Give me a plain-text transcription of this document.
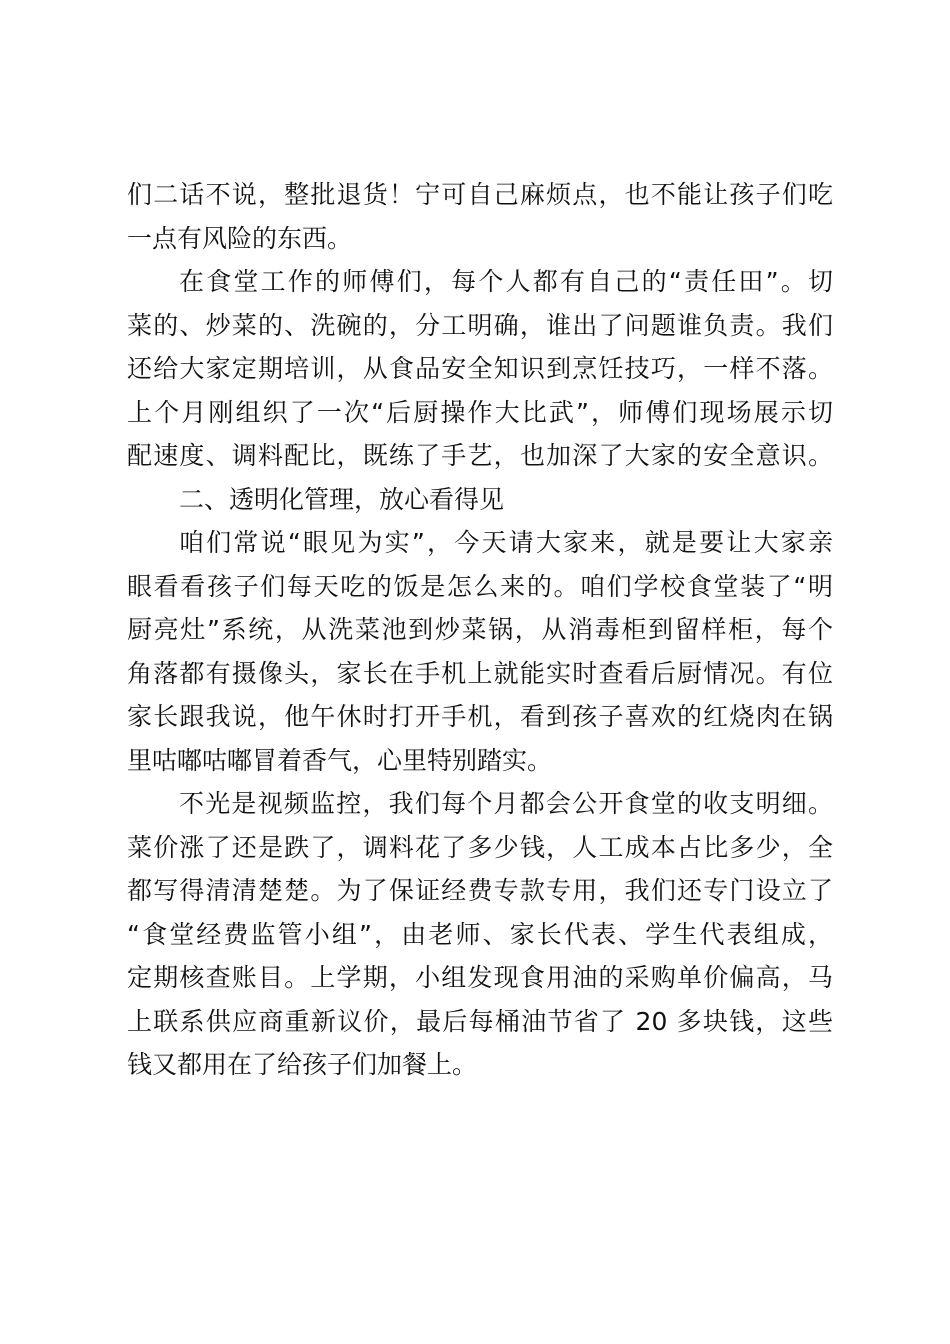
们二话不说，整批退货！宁可自己麻烦点，也不能让孩子们吃
一点有风险的东西。
在食堂工作的师傅们，每个人都有自己的“责任田”。切
菜的、炒菜的、洗碗的，分工明确，谁出了问题谁负责。我们
还给大家定期培训，从食品安全知识到烹饪技巧，一样不落。
上个月刚组织了一次“后厨操作大比武”，师傅们现场展示切
配速度、调料配比，既练了手艺，也加深了大家的安全意识。
二、透明化管理，放心看得见
咱们常说“眼见为实”，今天请大家来，就是要让大家亲
眼看看孩子们每天吃的饭是怎么来的。咱们学校食堂装了“明
厨亮灶”系统，从洗菜池到炒菜锅，从消毒柜到留样柜，每个
角落都有摄像头，家长在手机上就能实时查看后厨情况。有位
家长跟我说，他午休时打开手机，看到孩子喜欢的红烧肉在锅
里咕嘟咕嘟冒着香气，心里特别踏实。
不光是视频监控，我们每个月都会公开食堂的收支明细。
菜价涨了还是跌了，调料花了多少钱，人工成本占比多少，全
都写得清清楚楚。为了保证经费专款专用，我们还专门设立了
“食堂经费监管小组”，由老师、家长代表、学生代表组成，
定期核查账目。上学期，小组发现食用油的采购单价偏高，马
上联系供应商重新议价，最后每桶油节省了 20 多块钱，这些
钱又都用在了给孩子们加餐上。
